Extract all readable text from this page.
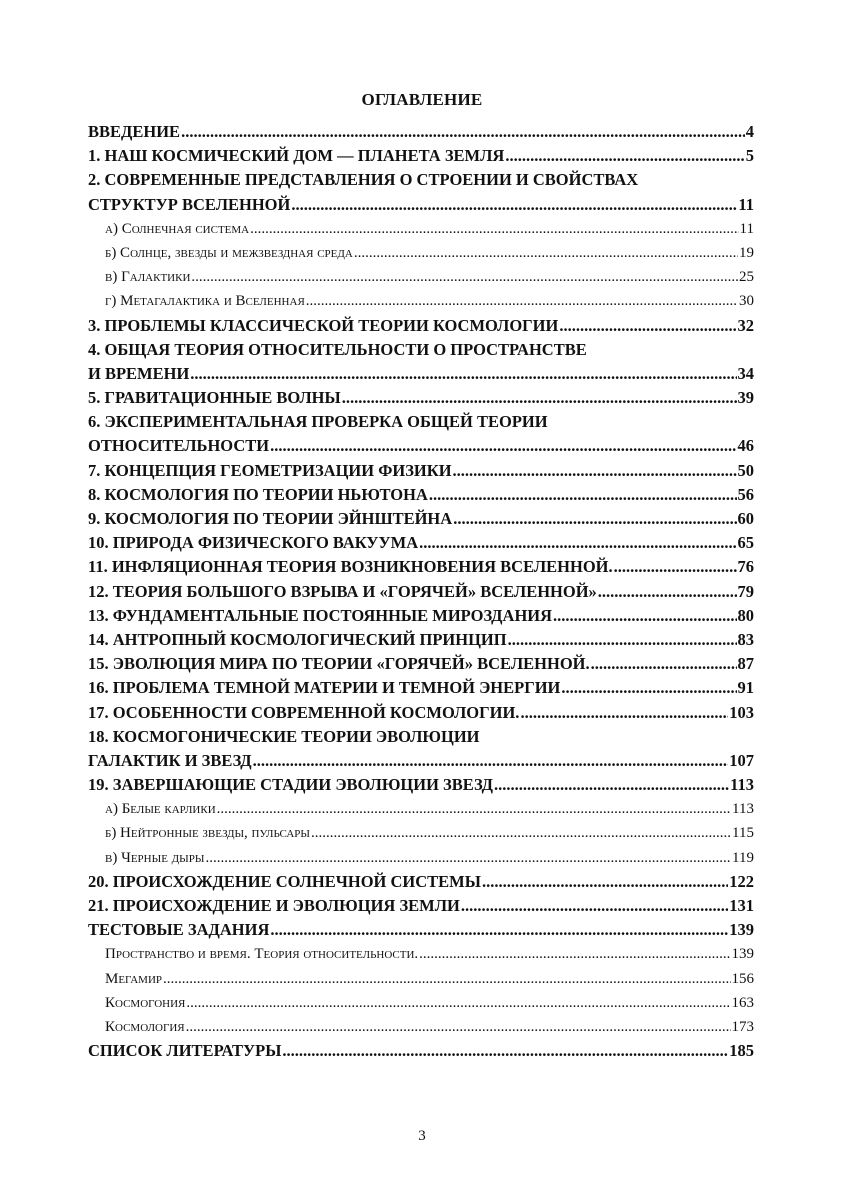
ОГЛАВЛЕНИЕ
ВВЕДЕНИЕ .....	4
1. НАШ КОСМИЧЕСКИЙ ДОМ — ПЛАНЕТА ЗЕМЛЯ .....	5
2. СОВРЕМЕННЫЕ ПРЕДСТАВЛЕНИЯ О СТРОЕНИИ И СВОЙСТВАХ
СТРУКТУР ВСЕЛЕННОЙ .....	11
а) Солнечная система .....	11
б) Солнце, звезды и межзвездная среда .....	19
в) Галактики .....	25
г) Метагалактика и Вселенная .....	30
3. ПРОБЛЕМЫ КЛАССИЧЕСКОЙ ТЕОРИИ КОСМОЛОГИИ .....	32
4. ОБЩАЯ ТЕОРИЯ ОТНОСИТЕЛЬНОСТИ О ПРОСТРАНСТВЕ
И ВРЕМЕНИ .....	34
5. ГРАВИТАЦИОННЫЕ ВОЛНЫ .....	39
6. ЭКСПЕРИМЕНТАЛЬНАЯ ПРОВЕРКА ОБЩЕЙ ТЕОРИИ
ОТНОСИТЕЛЬНОСТИ .....	46
7. КОНЦЕПЦИЯ ГЕОМЕТРИЗАЦИИ ФИЗИКИ .....	50
8. КОСМОЛОГИЯ ПО ТЕОРИИ НЬЮТОНА .....	56
9. КОСМОЛОГИЯ ПО ТЕОРИИ ЭЙНШТЕЙНА .....	60
10. ПРИРОДА ФИЗИЧЕСКОГО ВАКУУМА .....	65
11. ИНФЛЯЦИОННАЯ ТЕОРИЯ ВОЗНИКНОВЕНИЯ ВСЕЛЕННОЙ. .....	76
12. ТЕОРИЯ БОЛЬШОГО ВЗРЫВА И «ГОРЯЧЕЙ» ВСЕЛЕННОЙ» .....	79
13. ФУНДАМЕНТАЛЬНЫЕ ПОСТОЯННЫЕ МИРОЗДАНИЯ .....	80
14. АНТРОПНЫЙ КОСМОЛОГИЧЕСКИЙ ПРИНЦИП .....	83
15. ЭВОЛЮЦИЯ МИРА ПО ТЕОРИИ «ГОРЯЧЕЙ» ВСЕЛЕННОЙ. .....	87
16. ПРОБЛЕМА ТЕМНОЙ МАТЕРИИ И ТЕМНОЙ ЭНЕРГИИ .....	91
17. ОСОБЕННОСТИ СОВРЕМЕННОЙ КОСМОЛОГИИ. .....	103
18. КОСМОГОНИЧЕСКИЕ ТЕОРИИ ЭВОЛЮЦИИ
ГАЛАКТИК И ЗВЕЗД .....	107
19. ЗАВЕРШАЮЩИЕ СТАДИИ ЭВОЛЮЦИИ ЗВЕЗД .....	113
а) Белые карлики .....	113
б) Нейтронные звезды, пульсары .....	115
в) Черные дыры .....	119
20. ПРОИСХОЖДЕНИЕ СОЛНЕЧНОЙ СИСТЕМЫ .....	122
21. ПРОИСХОЖДЕНИЕ И ЭВОЛЮЦИЯ ЗЕМЛИ .....	131
ТЕСТОВЫЕ ЗАДАНИЯ .....	139
Пространство и время. Теория относительности. .....	139
Мегамир .....	156
Космогония .....	163
Космология .....	173
СПИСОК ЛИТЕРАТУРЫ .....	185
3
